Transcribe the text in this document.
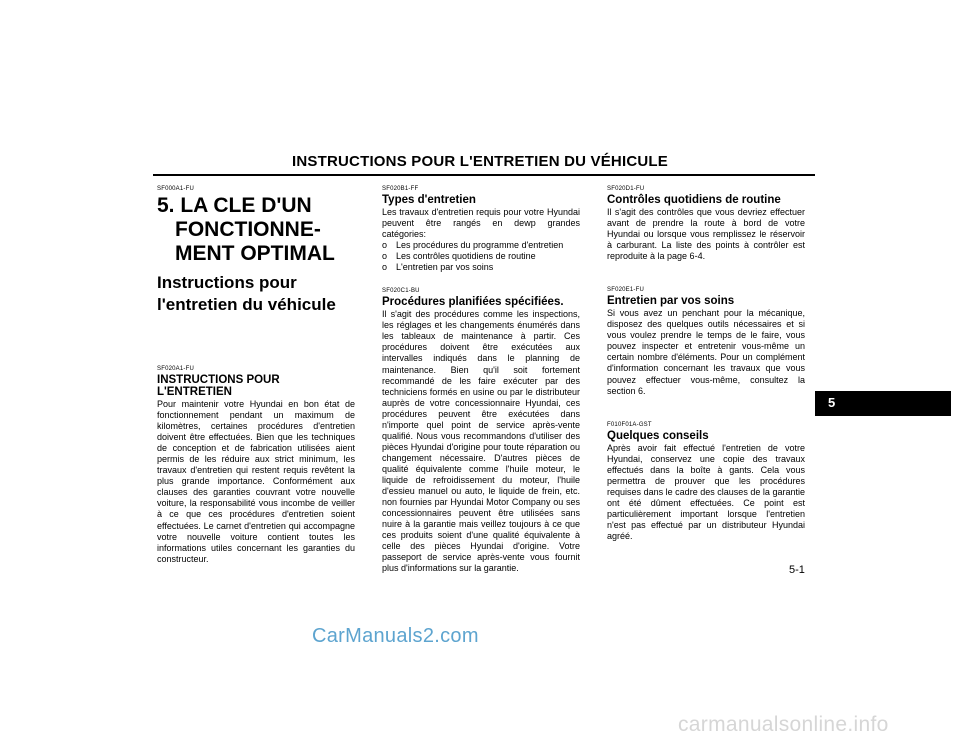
INSTRUCTIONS POUR L'ENTRETIEN DU VÉHICULE
SF000A1-FU
5. LA CLE D'UN
FONCTIONNE-
MENT OPTIMAL
Instructions pour
l'entretien du véhicule
SF020A1-FU
INSTRUCTIONS POUR
L'ENTRETIEN

Pour maintenir votre Hyundai en bon état de fonctionnement pendant un maximum de kilomètres, certaines procédures d'entretien doivent être effectuées. Bien que les techniques de conception et de fabrication utilisées aient permis de les réduire aux strict minimum, les travaux d'entretien qui restent requis revêtent la plus grande importance. Conformément aux clauses des garanties couvrant votre nouvelle voiture, la responsabilité vous incombe de veiller à ce que ces procédures d'entretien soient effectuées. Le carnet d'entretien qui accompagne votre nouvelle voiture contient toutes les informations utiles concernant les garanties du constructeur.

SF020B1-FF
Types d'entretien

Les travaux d'entretien requis pour votre Hyundai peuvent être rangés en dewp grandes catégories:

o Les procédures du programme d'entretien
o Les contrôles quotidiens de routine
o L'entretien par vos soins
SF020C1-BU
Procédures planifiées spécifiées.

Il s'agit des procédures comme les inspections, les réglages et les changements énumérés dans les tableaux de maintenance à partir. Ces procédures doivent être exécutées aux intervalles indiqués dans le planning de maintenance. Bien qu'il soit fortement recommandé de les faire exécuter par des techniciens formés en usine ou par le distributeur auprès de votre concessionnaire Hyundai, ces procédures peuvent être exécutées dans n'importe quel point de service après-vente qualifié. Nous vous recommandons d'utiliser des pièces Hyundai d'origine pour toute réparation ou changement nécessaire. D'autres pièces de qualité équivalente comme l'huile moteur, le liquide de refroidissement du moteur, l'huile d'essieu manuel ou auto, le liquide de frein, etc. non fournies par Hyundai Motor Company ou ses concessionnaires peuvent être utilisées sans nuire à la garantie mais veillez toujours à ce que ces produits soient d'une qualité équivalente à celle des pièces Hyundai d'origine. Votre passeport de service après-vente vous fournit plus d'informations sur la garantie.

SF020D1-FU
Contrôles quotidiens de routine

Il s'agit des contrôles que vous devriez effectuer avant de prendre la route à bord de votre Hyundai ou lorsque vous remplissez le réservoir à carburant. La liste des points à contrôler est reproduite à la page 6-4.

SF020E1-FU
Entretien par vos soins

Si vous avez un penchant pour la mécanique, disposez des quelques outils nécessaires et si vous voulez prendre le temps de le faire, vous pouvez inspecter et entretenir vous-même un certain nombre d'éléments. Pour un complément d'information concernant les travaux que vous pouvez effectuer vous-même, consultez la section 6.

F010F01A-GST
Quelques conseils

Après avoir fait effectué l'entretien de votre Hyundai, conservez une copie des travaux effectués dans la boîte à gants. Cela vous permettra de prouver que les procédures requises dans le cadre des clauses de la garantie ont été dûment effectuées. Ce point est particulièrement important lorsque l'entretien n'est pas effectué par un distributeur Hyundai agréé.

5
5-1
CarManuals2.com
carmanualsonline.info
